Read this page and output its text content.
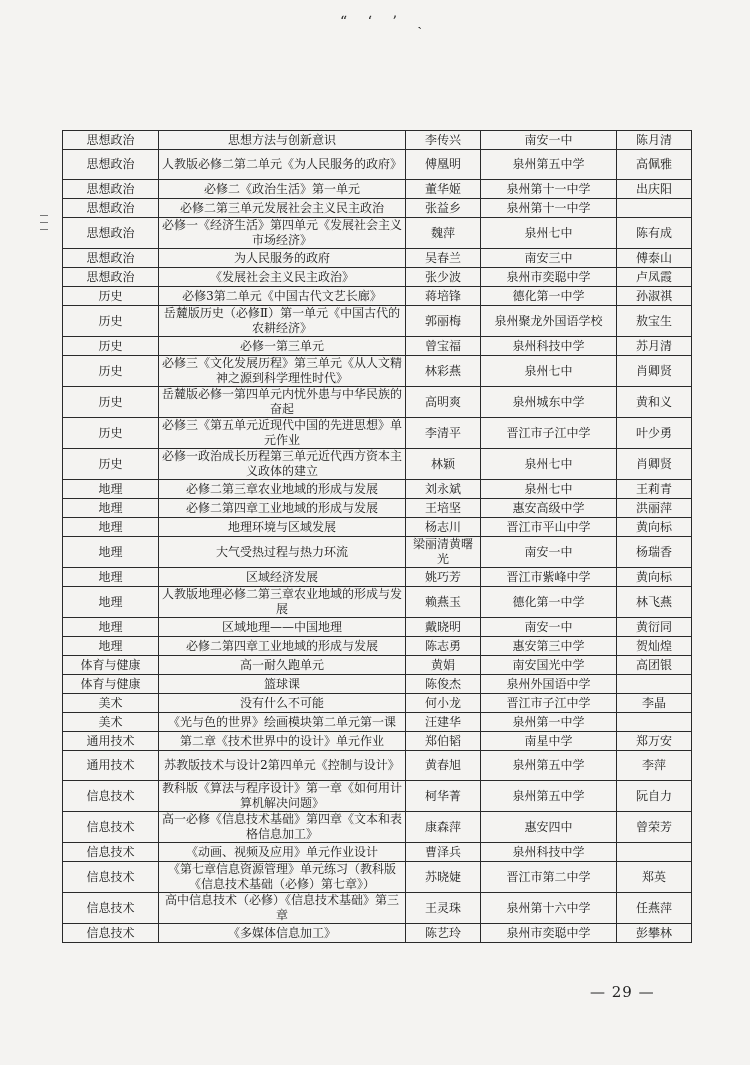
“ ‘ ’ ˎ
思想政治	思想方法与创新意识	李传兴	南安一中	陈月清
思想政治	人教版必修二第二单元《为人民服务的政府》	傅凰明	泉州第五中学	高佩雅
思想政治	必修二《政治生活》第一单元	董华姬	泉州第十一中学	出庆阳
思想政治	必修二第三单元发展社会主义民主政治	张益乡	泉州第十一中学	
思想政治	必修一《经济生活》第四单元《发展社会主义市场经济》	魏萍	泉州七中	陈有成
思想政治	为人民服务的政府	吴春兰	南安三中	傅泰山
思想政治	《发展社会主义民主政治》	张少波	泉州市奕聪中学	卢凤霞
历史	必修3第二单元《中国古代文艺长廊》	蒋培锋	德化第一中学	孙淑祺
历史	岳麓版历史（必修Ⅱ）第一单元《中国古代的农耕经济》	郭丽梅	泉州聚龙外国语学校	敖宝生
历史	必修一第三单元	曾宝福	泉州科技中学	苏月清
历史	必修三《文化发展历程》第三单元《从人文精神之源到科学理性时代》	林彩燕	泉州七中	肖卿贤
历史	岳麓版必修一第四单元内忧外患与中华民族的奋起	高明爽	泉州城东中学	黄和义
历史	必修三《第五单元近现代中国的先进思想》单元作业	李清平	晋江市子江中学	叶少勇
历史	必修一政治成长历程第三单元近代西方资本主义政体的建立	林颖	泉州七中	肖卿贤
地理	必修二第三章农业地域的形成与发展	刘永斌	泉州七中	王莉青
地理	必修二第四章工业地域的形成与发展	王培坚	惠安高级中学	洪丽萍
地理	地理环境与区域发展	杨志川	晋江市平山中学	黄向标
地理	大气受热过程与热力环流	梁丽清黄曙光	南安一中	杨瑞香
地理	区域经济发展	姚巧芳	晋江市紫峰中学	黄向标
地理	人教版地理必修二第三章农业地域的形成与发展	赖燕玉	德化第一中学	林飞燕
地理	区域地理——中国地理	戴晓明	南安一中	黄衍同
地理	必修二第四章工业地域的形成与发展	陈志勇	惠安第三中学	贺灿煌
体育与健康	高一耐久跑单元	黄娟	南安国光中学	高团银
体育与健康	篮球课	陈俊杰	泉州外国语中学	
美术	没有什么不可能	何小龙	晋江市子江中学	李晶
美术	《光与色的世界》绘画模块第二单元第一课	汪建华	泉州第一中学	
通用技术	第二章《技术世界中的设计》单元作业	郑伯韬	南星中学	郑万安
通用技术	苏教版技术与设计2第四单元《控制与设计》	黄春旭	泉州第五中学	李萍
信息技术	教科版《算法与程序设计》第一章《如何用计算机解决问题》	柯华菁	泉州第五中学	阮自力
信息技术	高一必修《信息技术基础》第四章《文本和表格信息加工》	康森萍	惠安四中	曾荣芳
信息技术	《动画、视频及应用》单元作业设计	曹泽兵	泉州科技中学	
信息技术	《第七章信息资源管理》单元练习（教科版《信息技术基础（必修）第七章》）	苏晓婕	晋江市第二中学	郑英
信息技术	高中信息技术（必修）《信息技术基础》第三章	王灵珠	泉州第十六中学	任燕萍
信息技术	《多媒体信息加工》	陈艺玲	泉州市奕聪中学	彭攀林
— 29 —
